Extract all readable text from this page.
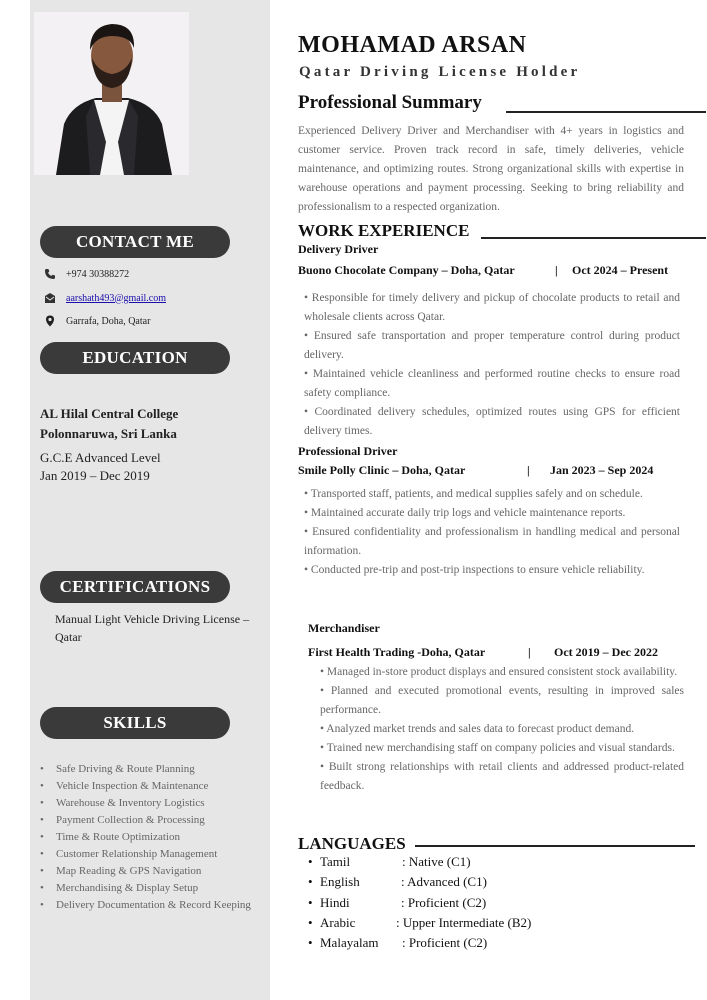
CONTACT ME
+974 30388272
aarshath493@gmail.com
Garrafa, Doha, Qatar
EDUCATION
AL Hilal Central College
Polonnaruwa, Sri Lanka
G.C.E Advanced Level
Jan 2019 – Dec 2019
CERTIFICATIONS
Manual Light Vehicle Driving License – Qatar
SKILLS
•	Safe Driving & Route Planning
•	Vehicle Inspection & Maintenance
•	Warehouse & Inventory Logistics
•	Payment Collection & Processing
•	Time & Route Optimization
•	Customer Relationship Management
•	Map Reading & GPS Navigation
•	Merchandising & Display Setup
•	Delivery Documentation & Record Keeping
MOHAMAD ARSAN
Qatar Driving License Holder
Professional Summary
Experienced Delivery Driver and Merchandiser with 4+ years in logistics and customer service. Proven track record in safe, timely deliveries, vehicle maintenance, and optimizing routes. Strong organizational skills with expertise in warehouse operations and payment processing. Seeking to bring reliability and professionalism to a respected organization.
WORK EXPERIENCE
Delivery Driver
Buono Chocolate Company – Doha, Qatar	| Oct 2024 – Present
• Responsible for timely delivery and pickup of chocolate products to retail and wholesale clients across Qatar.
• Ensured safe transportation and proper temperature control during product delivery.
• Maintained vehicle cleanliness and performed routine checks to ensure road safety compliance.
• Coordinated delivery schedules, optimized routes using GPS for efficient delivery times.
Professional Driver
Smile Polly Clinic – Doha, Qatar	| Jan 2023 – Sep 2024
• Transported staff, patients, and medical supplies safely and on schedule.
• Maintained accurate daily trip logs and vehicle maintenance reports.
• Ensured confidentiality and professionalism in handling medical and personal information.
• Conducted pre-trip and post-trip inspections to ensure vehicle reliability.
Merchandiser
First Health Trading -Doha, Qatar	| Oct 2019 – Dec 2022
• Managed in-store product displays and ensured consistent stock availability.
• Planned and executed promotional events, resulting in improved sales performance.
• Analyzed market trends and sales data to forecast product demand.
• Trained new merchandising staff on company policies and visual standards.
• Built strong relationships with retail clients and addressed product-related feedback.
LANGUAGES
• Tamil	: Native (C1)
• English	: Advanced (C1)
• Hindi	: Proficient (C2)
• Arabic	: Upper Intermediate (B2)
• Malayalam : Proficient (C2)
